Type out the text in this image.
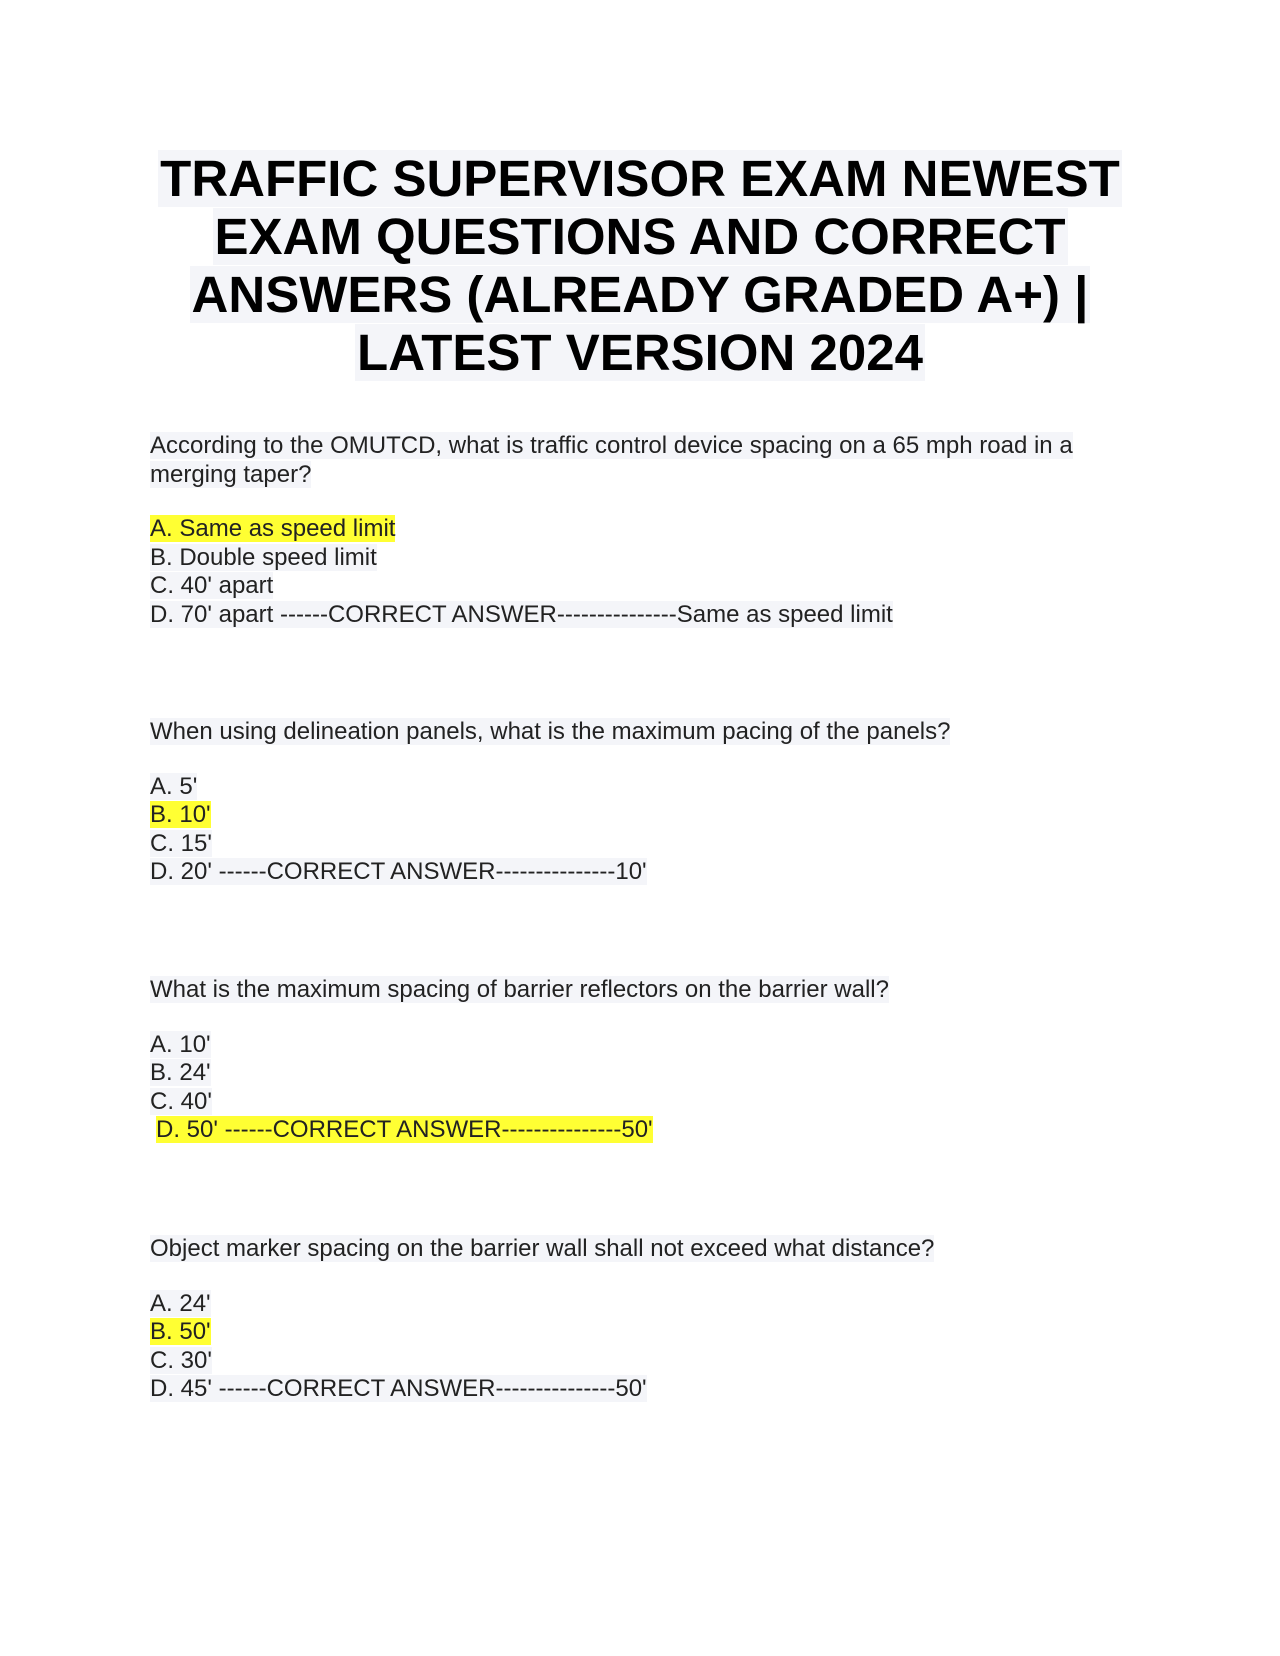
TRAFFIC SUPERVISOR EXAM NEWEST
EXAM QUESTIONS AND CORRECT
ANSWERS (ALREADY GRADED A+) |
LATEST VERSION 2024
According to the OMUTCD, what is traffic control device spacing on a 65 mph road in a merging taper?
A. Same as speed limit
B. Double speed limit
C. 40' apart
D. 70' apart ------CORRECT ANSWER---------------Same as speed limit
When using delineation panels, what is the maximum pacing of the panels?
A. 5'
B. 10'
C. 15'
D. 20' ------CORRECT ANSWER---------------10'
What is the maximum spacing of barrier reflectors on the barrier wall?
A. 10'
B. 24'
C. 40'
D. 50' ------CORRECT ANSWER---------------50'
Object marker spacing on the barrier wall shall not exceed what distance?
A. 24'
B. 50'
C. 30'
D. 45' ------CORRECT ANSWER---------------50'
